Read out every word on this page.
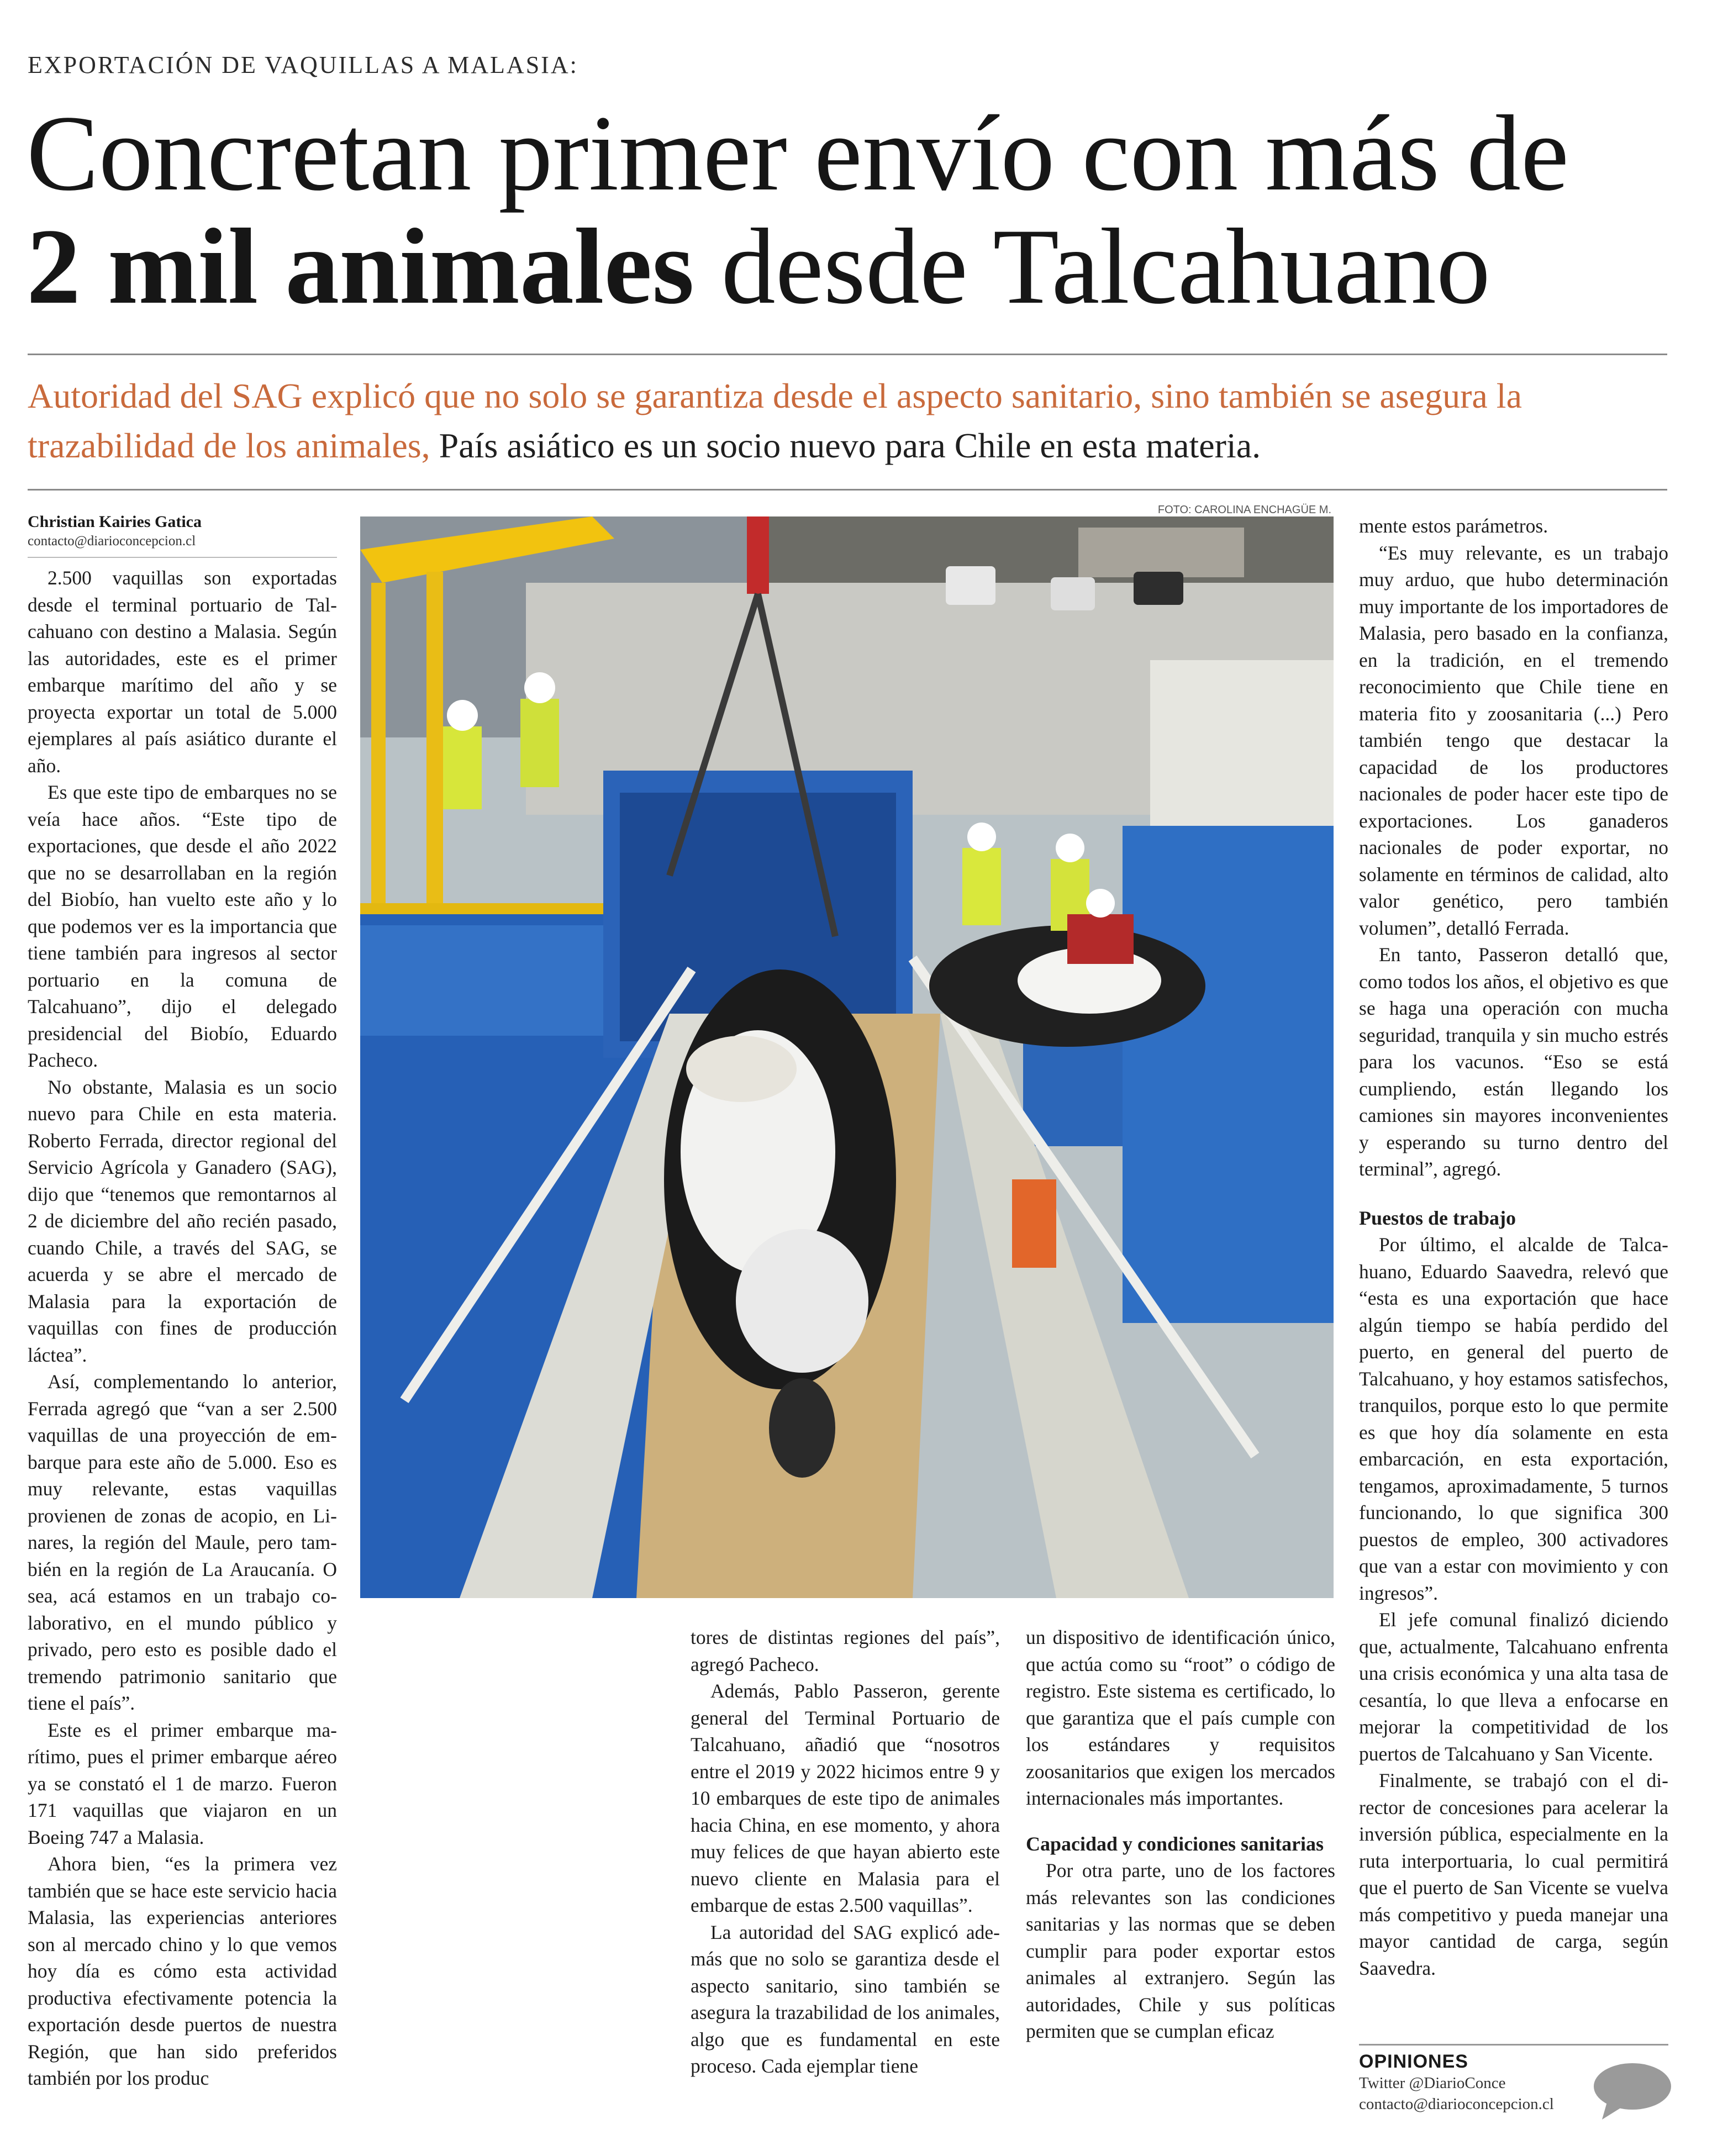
EXPORTACIÓN DE VAQUILLAS A MALASIA:
Concretan primer envío con más de
2 mil animales desde Talcahuano
Autoridad del SAG explicó que no solo se garantiza desde el aspecto sanitario, sino también se asegura la trazabilidad de los animales, País asiático es un socio nuevo para Chile en esta materia.
Christian Kairies Gatica
contacto@diarioconcepcion.cl

2.500 vaquillas son exportadas desde el terminal portuario de Talcahuano con destino a Malasia. Según las autoridades, este es el primer embarque marítimo del año y se proyecta exportar un total de 5.000 ejemplares al país asiático durante el año.

Es que este tipo de embarques no se veía hace años. “Este tipo de exportaciones, que desde el año 2022 que no se desarrollaban en la región del Biobío, han vuelto este año y lo que podemos ver es la importancia que tiene también para ingresos al sector portuario en la comuna de Talcahuano”, dijo el delegado presidencial del Biobío, Eduardo Pacheco.

No obstante, Malasia es un socio nuevo para Chile en esta materia. Roberto Ferrada, director regional del Servicio Agrícola y Ganadero (SAG), dijo que “tenemos que remontarnos al 2 de diciembre del año recién pasado, cuando Chile, a través del SAG, se acuerda y se abre el mercado de Malasia para la exportación de vaquillas con fines de producción láctea”.

Así, complementando lo anterior, Ferrada agregó que “van a ser 2.500 vaquillas de una proyección de embarque para este año de 5.000. Eso es muy relevante, estas vaquillas provienen de zonas de acopio, en Linares, la región del Maule, pero también en la región de La Araucanía. O sea, acá estamos en un trabajo colaborativo, en el mundo público y privado, pero esto es posible dado el tremendo patrimonio sanitario que tiene el país”.

Este es el primer embarque marítimo, pues el primer embarque aéreo ya se constató el 1 de marzo. Fueron 171 vaquillas que viajaron en un Boeing 747 a Malasia.

Ahora bien, “es la primera vez también que se hace este servicio hacia Malasia, las experiencias anteriores son al mercado chino y lo que vemos hoy día es cómo esta actividad productiva efectivamente potencia la exportación desde puertos de nuestra Región, que han sido preferidos también por los produc

FOTO: CAROLINA ENCHAGÜE M.

tores de distintas regiones del país”, agregó Pacheco.

Además, Pablo Passeron, gerente general del Terminal Portuario de Talcahuano, añadió que “nosotros entre el 2019 y 2022 hicimos entre 9 y 10 embarques de este tipo de animales hacia China, en ese momento, y ahora muy felices de que hayan abierto este nuevo cliente en Malasia para el embarque de estas 2.500 vaquillas”.

La autoridad del SAG explicó además que no solo se garantiza desde el aspecto sanitario, sino también se asegura la trazabilidad de los animales, algo que es fundamental en este proceso. Cada ejemplar tiene

un dispositivo de identificación único, que actúa como su “root” o código de registro. Este sistema es certificado, lo que garantiza que el país cumple con los estándares y requisitos zoosanitarios que exigen los mercados internacionales más importantes.

Capacidad y condiciones sanitarias

Por otra parte, uno de los factores más relevantes son las condiciones sanitarias y las normas que se deben cumplir para poder exportar estos animales al extranjero. Según las autoridades, Chile y sus políticas permiten que se cumplan eficaz

mente estos parámetros.

“Es muy relevante, es un trabajo muy arduo, que hubo determinación muy importante de los importadores de Malasia, pero basado en la confianza, en la tradición, en el tremendo reconocimiento que Chile tiene en materia fito y zoosanitaria (...) Pero también tengo que destacar la capacidad de los productores nacionales de poder hacer este tipo de exportaciones. Los ganaderos nacionales de poder exportar, no solamente en términos de calidad, alto valor genético, pero también volumen”, detalló Ferrada.

En tanto, Passeron detalló que, como todos los años, el objetivo es que se haga una operación con mucha seguridad, tranquila y sin mucho estrés para los vacunos. “Eso se está cumpliendo, están llegando los camiones sin mayores inconvenientes y esperando su turno dentro del terminal”, agregó.

Puestos de trabajo

Por último, el alcalde de Talcahuano, Eduardo Saavedra, relevó que “esta es una exportación que hace algún tiempo se había perdido del puerto, en general del puerto de Talcahuano, y hoy estamos satisfechos, tranquilos, porque esto lo que permite es que hoy día solamente en esta embarcación, en esta exportación, tengamos, aproximadamente, 5 turnos funcionando, lo que significa 300 puestos de empleo, 300 activadores que van a estar con movimiento y con ingresos”.

El jefe comunal finalizó diciendo que, actualmente, Talcahuano enfrenta una crisis económica y una alta tasa de cesantía, lo que lleva a enfocarse en mejorar la competitividad de los puertos de Talcahuano y San Vicente.

Finalmente, se trabajó con el director de concesiones para acelerar la inversión pública, especialmente en la ruta interportuaria, lo cual permitirá que el puerto de San Vicente se vuelva más competitivo y pueda manejar una mayor cantidad de carga, según Saavedra.

OPINIONES
Twitter @DiarioConce
contacto@diarioconcepcion.cl
